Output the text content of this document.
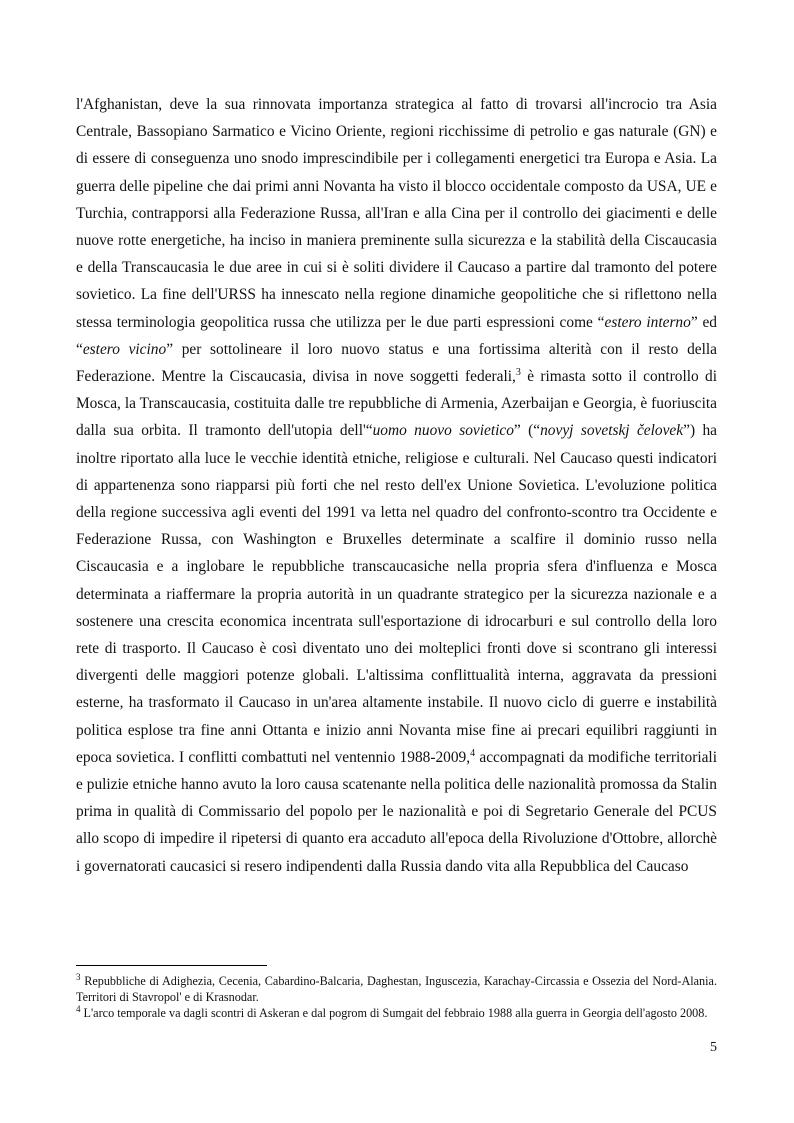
l'Afghanistan, deve la sua rinnovata importanza strategica al fatto di trovarsi all'incrocio tra Asia Centrale, Bassopiano Sarmatico e Vicino Oriente, regioni ricchissime di petrolio e gas naturale (GN) e di essere di conseguenza uno snodo imprescindibile per i collegamenti energetici tra Europa e Asia. La guerra delle pipeline che dai primi anni Novanta ha visto il blocco occidentale composto da USA, UE e Turchia, contrapporsi alla Federazione Russa, all'Iran e alla Cina per il controllo dei giacimenti e delle nuove rotte energetiche, ha inciso in maniera preminente sulla sicurezza e la stabilità della Ciscaucasia e della Transcaucasia le due aree in cui si è soliti dividere il Caucaso a partire dal tramonto del potere sovietico. La fine dell'URSS ha innescato nella regione dinamiche geopolitiche che si riflettono nella stessa terminologia geopolitica russa che utilizza per le due parti espressioni come “estero interno” ed “estero vicino” per sottolineare il loro nuovo status e una fortissima alterità con il resto della Federazione. Mentre la Ciscaucasia, divisa in nove soggetti federali,$^3$ è rimasta sotto il controllo di Mosca, la Transcaucasia, costituita dalle tre repubbliche di Armenia, Azerbaijan e Georgia, è fuoriuscita dalla sua orbita. Il tramonto dell'utopia dell'“uomo nuovo sovietico” (“novyj sovetskj čelovek”) ha inoltre riportato alla luce le vecchie identità etniche, religiose e culturali. Nel Caucaso questi indicatori di appartenenza sono riapparsi più forti che nel resto dell'ex Unione Sovietica. L'evoluzione politica della regione successiva agli eventi del 1991 va letta nel quadro del confronto-scontro tra Occidente e Federazione Russa, con Washington e Bruxelles determinate a scalfire il dominio russo nella Ciscaucasia e a inglobare le repubbliche transcaucasiche nella propria sfera d'influenza e Mosca determinata a riaffermare la propria autorità in un quadrante strategico per la sicurezza nazionale e a sostenere una crescita economica incentrata sull'esportazione di idrocarburi e sul controllo della loro rete di trasporto. Il Caucaso è così diventato uno dei molteplici fronti dove si scontrano gli interessi divergenti delle maggiori potenze globali. L'altissima conflittualità interna, aggravata da pressioni esterne, ha trasformato il Caucaso in un'area altamente instabile. Il nuovo ciclo di guerre e instabilità politica esplose tra fine anni Ottanta e inizio anni Novanta mise fine ai precari equilibri raggiunti in epoca sovietica. I conflitti combattuti nel ventennio 1988-2009,$^4$ accompagnati da modifiche territoriali e pulizie etniche hanno avuto la loro causa scatenante nella politica delle nazionalità promossa da Stalin prima in qualità di Commissario del popolo per le nazionalità e poi di Segretario Generale del PCUS allo scopo di impedire il ripetersi di quanto era accaduto all'epoca della Rivoluzione d'Ottobre, allorchè i governatorati caucasici si resero indipendenti dalla Russia dando vita alla Repubblica del Caucaso

$^3$ Repubbliche di Adighezia, Cecenia, Cabardino-Balcaria, Daghestan, Inguscezia, Karachay-Circassia e Ossezia del Nord-Alania. Territori di Stavropol' e di Krasnodar.

$^4$ L'arco temporale va dagli scontri di Askeran e dal pogrom di Sumgait del febbraio 1988 alla guerra in Georgia dell'agosto 2008.

5
